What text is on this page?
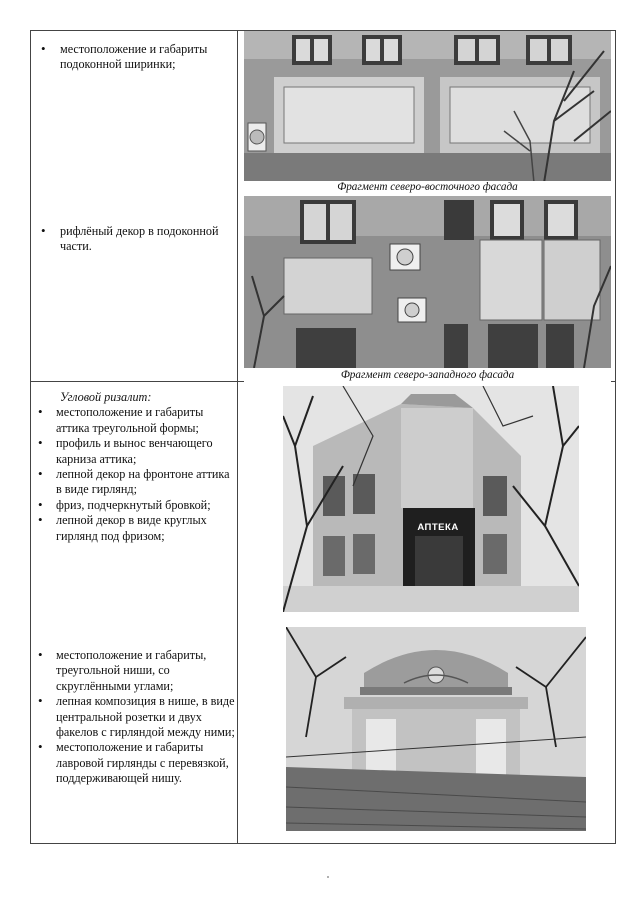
• местоположение и габариты подоконной ширинки;
• рифлёный декор в подоконной части.
Фрагмент северо-восточного фасада
Фрагмент северо-западного фасада
Угловой ризалит:
• местоположение и габариты аттика треугольной формы;
• профиль и вынос венчающего карниза аттика;
• лепной декор на фронтоне аттика в виде гирлянд;
• фриз, подчеркнутый бровкой;
• лепной декор в виде круглых гирлянд под фризом;
АПТЕКА
• местоположение и габариты, треугольной ниши, со скруглёнными углами;
• лепная композиция в нише, в виде центральной розетки и двух факелов с гирляндой между ними;
• местоположение и габариты лавровой гирлянды с перевязкой, поддерживающей нишу.
